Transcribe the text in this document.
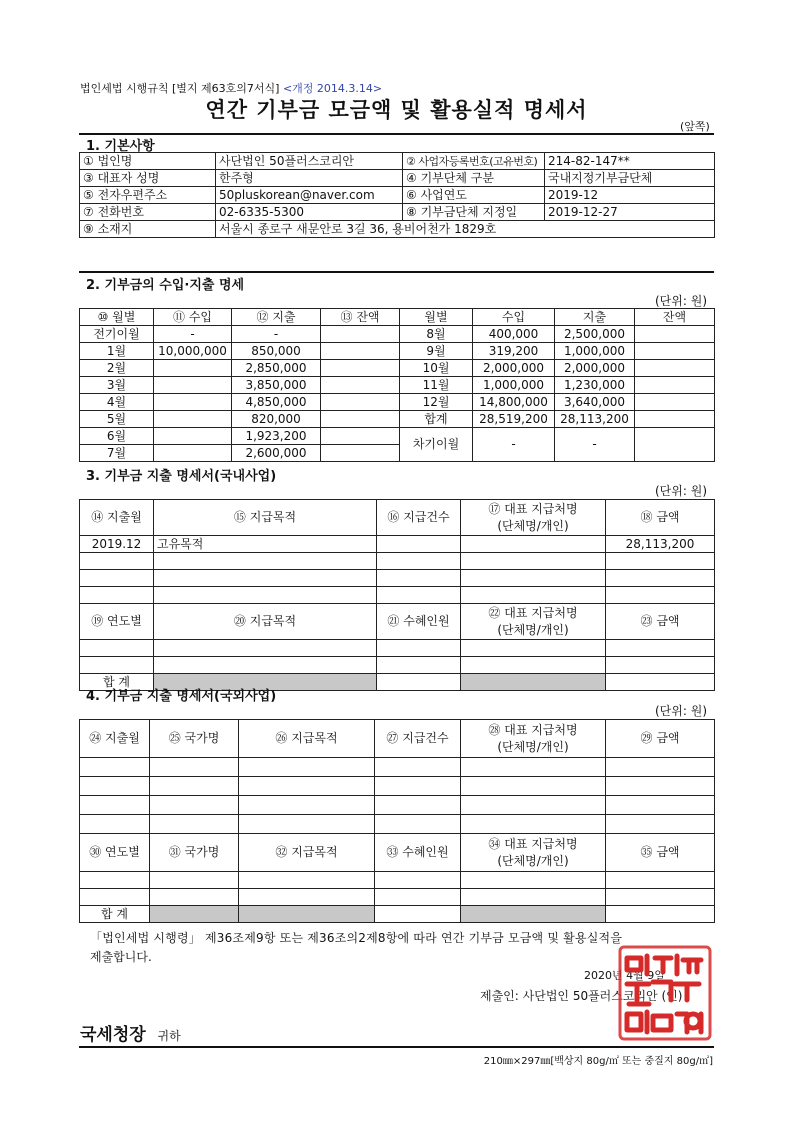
법인세법 시행규칙 [별지 제63호의7서식] <개정 2014.3.14>
연간 기부금 모금액 및 활용실적 명세서
(앞쪽)
1. 기본사항
① 법인명	사단법인 50플러스코리안	② 사업자등록번호(고유번호)	214-82-147**
③ 대표자 성명	한주형	④ 기부단체 구분	국내지정기부금단체
⑤ 전자우편주소	50pluskorean@naver.com	⑥ 사업연도	2019-12
⑦ 전화번호	02-6335-5300	⑧ 기부금단체 지정일	2019-12-27
⑨ 소재지	서울시 종로구 새문안로 3길 36, 용비어천가 1829호		
2. 기부금의 수입·지출 명세
(단위: 원)
⑩ 월별	⑪ 수입	⑫ 지출	⑬ 잔액	월별	수입	지출	잔액
전기이월	-	-		8월	400,000	2,500,000	
1월	10,000,000	850,000		9월	319,200	1,000,000	
2월		2,850,000		10월	2,000,000	2,000,000	
3월		3,850,000		11월	1,000,000	1,230,000	
4월		4,850,000		12월	14,800,000	3,640,000	
5월		820,000		합계	28,519,200	28,113,200	
6월		1,923,200		차기이월	-	-	
7월		2,600,000					
3. 기부금 지출 명세서(국내사업)
(단위: 원)
⑭ 지출월	⑮ 지급목적	⑯ 지급건수	⑰ 대표 지급처명
(단체명/개인)	⑱ 금액
2019.12	고유목적			28,113,200

⑲ 연도별	⑳ 지급목적	㉑ 수혜인원	㉒ 대표 지급처명
(단체명/개인)	㉓ 금액

합 계				
4. 기부금 지출 명세서(국외사업)
(단위: 원)
㉔ 지출월	㉕ 국가명	㉖ 지급목적	㉗ 지급건수	㉘ 대표 지급처명
(단체명/개인)	㉙ 금액

㉚ 연도별	㉛ 국가명	㉜ 지급목적	㉝ 수혜인원	㉞ 대표 지급처명
(단체명/개인)	㉟ 금액

합 계					
「법인세법 시행령」 제36조제9항 또는 제36조의2제8항에 따라 연간 기부금 모금액 및 활용실적을
제출합니다.
2020년 4월 9일
제출인: 사단법인 50플러스코리안 (인)
국세청장 귀하
210㎜×297㎜[백상지 80g/㎡ 또는 중질지 80g/㎡]
